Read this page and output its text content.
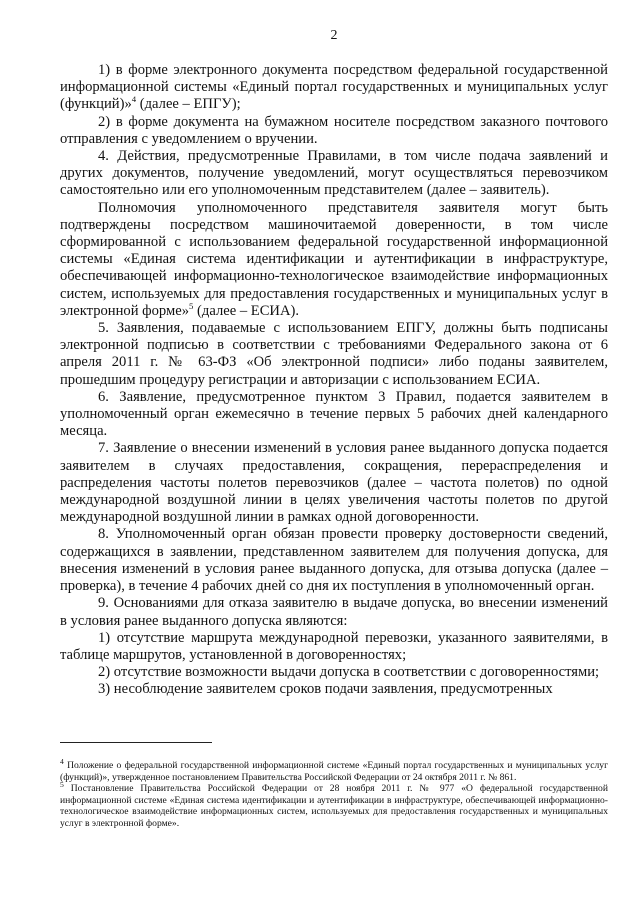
2

1) в форме электронного документа посредством федеральной государственной информационной системы «Единый портал государственных и муниципальных услуг (функций)»$^4$ (далее – ЕПГУ);

2) в форме документа на бумажном носителе посредством заказного почтового отправления с уведомлением о вручении.

4. Действия, предусмотренные Правилами, в том числе подача заявлений и других документов, получение уведомлений, могут осуществляться перевозчиком самостоятельно или его уполномоченным представителем (далее – заявитель).

Полномочия уполномоченного представителя заявителя могут быть подтверждены посредством машиночитаемой доверенности, в том числе сформированной с использованием федеральной государственной информационной системы «Единая система идентификации и аутентификации в инфраструктуре, обеспечивающей информационно-технологическое взаимодействие информационных систем, используемых для предоставления государственных и муниципальных услуг в электронной форме»$^5$ (далее – ЕСИА).

5. Заявления, подаваемые с использованием ЕПГУ, должны быть подписаны электронной подписью в соответствии с требованиями Федерального закона от 6 апреля 2011 г. № 63-ФЗ «Об электронной подписи» либо поданы заявителем, прошедшим процедуру регистрации и авторизации с использованием ЕСИА.

6. Заявление, предусмотренное пунктом 3 Правил, подается заявителем в уполномоченный орган ежемесячно в течение первых 5 рабочих дней календарного месяца.

7. Заявление о внесении изменений в условия ранее выданного допуска подается заявителем в случаях предоставления, сокращения, перераспределения и распределения частоты полетов перевозчиков (далее – частота полетов) по одной международной воздушной линии в целях увеличения частоты полетов по другой международной воздушной линии в рамках одной договоренности.

8. Уполномоченный орган обязан провести проверку достоверности сведений, содержащихся в заявлении, представленном заявителем для получения допуска, для внесения изменений в условия ранее выданного допуска, для отзыва допуска (далее – проверка), в течение 4 рабочих дней со дня их поступления в уполномоченный орган.

9. Основаниями для отказа заявителю в выдаче допуска, во внесении изменений в условия ранее выданного допуска являются:

1) отсутствие маршрута международной перевозки, указанного заявителями, в таблице маршрутов, установленной в договоренностях;

2) отсутствие возможности выдачи допуска в соответствии с договоренностями;

3) несоблюдение заявителем сроков подачи заявления, предусмотренных

$^4$ Положение о федеральной государственной информационной системе «Единый портал государственных и муниципальных услуг (функций)», утвержденное постановлением Правительства Российской Федерации от 24 октября 2011 г. № 861.

$^5$ Постановление Правительства Российской Федерации от 28 ноября 2011 г. № 977 «О федеральной государственной информационной системе «Единая система идентификации и аутентификации в инфраструктуре, обеспечивающей информационно-технологическое взаимодействие информационных систем, используемых для предоставления государственных и муниципальных услуг в электронной форме».
